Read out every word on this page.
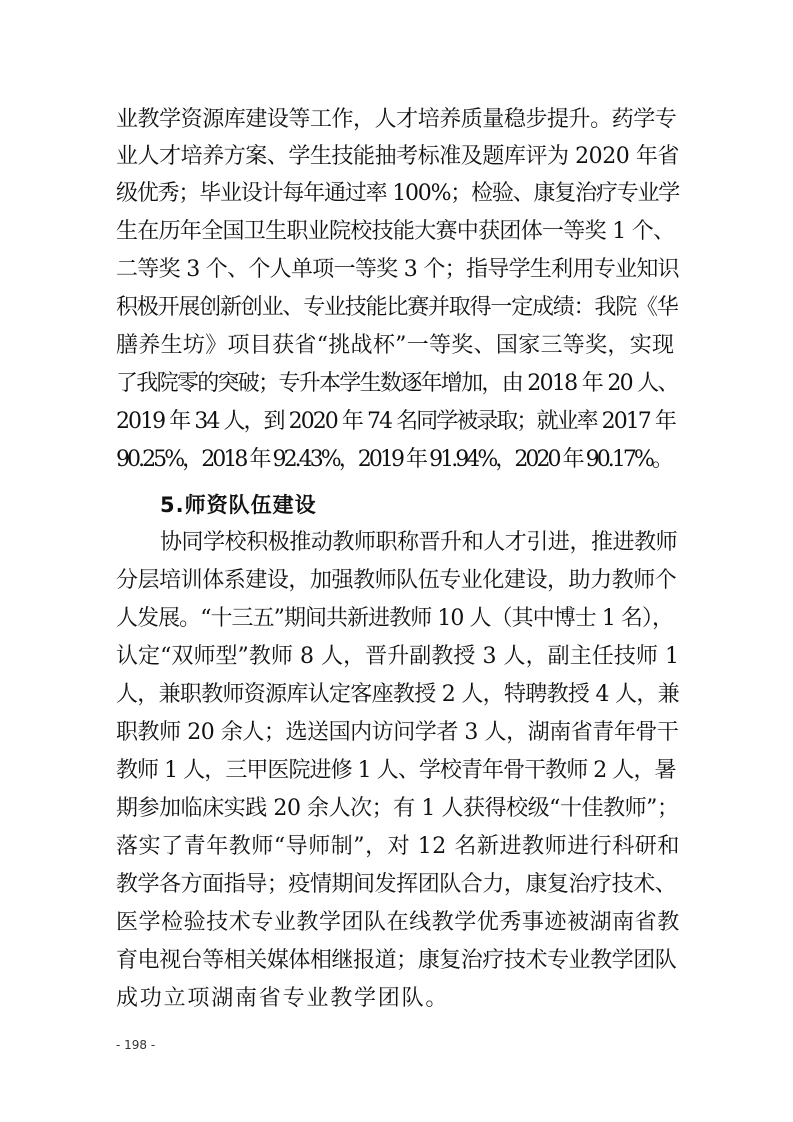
业教学资源库建设等工作，人才培养质量稳步提升。药学专
业人才培养方案、学生技能抽考标准及题库评为 2020 年省
级优秀；毕业设计每年通过率 100%；检验、康复治疗专业学
生在历年全国卫生职业院校技能大赛中获团体一等奖 1 个、
二等奖 3 个、个人单项一等奖 3 个；指导学生利用专业知识
积极开展创新创业、专业技能比赛并取得一定成绩：我院《华
膳养生坊》项目获省“挑战杯”一等奖、国家三等奖，实现
了我院零的突破；专升本学生数逐年增加，由 2018 年 20 人、
2019 年 34 人，到 2020 年 74 名同学被录取；就业率 2017 年
90.25%，2018 年 92.43%，2019 年 91.94%，2020 年 90.17%。
5.师资队伍建设
协同学校积极推动教师职称晋升和人才引进，推进教师
分层培训体系建设，加强教师队伍专业化建设，助力教师个
人发展。“十三五”期间共新进教师 10 人（其中博士 1 名），
认定“双师型”教师 8 人，晋升副教授 3 人，副主任技师 1
人，兼职教师资源库认定客座教授 2 人，特聘教授 4 人，兼
职教师 20 余人；选送国内访问学者 3 人，湖南省青年骨干
教师 1 人，三甲医院进修 1 人、学校青年骨干教师 2 人，暑
期参加临床实践 20 余人次；有 1 人获得校级“十佳教师”；
落实了青年教师“导师制”，对 12 名新进教师进行科研和
教学各方面指导；疫情期间发挥团队合力，康复治疗技术、
医学检验技术专业教学团队在线教学优秀事迹被湖南省教
育电视台等相关媒体相继报道；康复治疗技术专业教学团队
成功立项湖南省专业教学团队。
- 198 -
